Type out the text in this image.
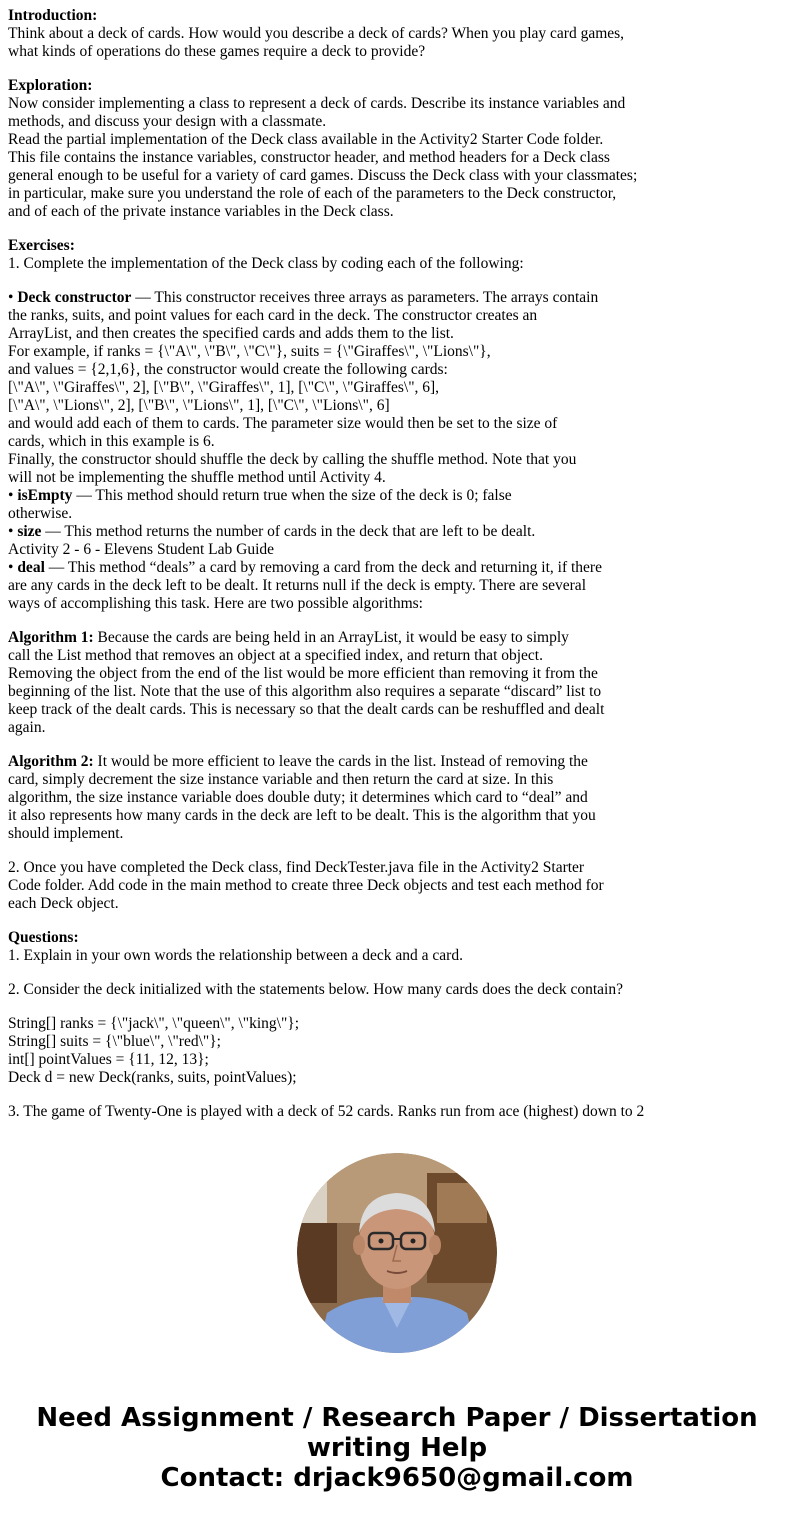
Introduction:
Think about a deck of cards. How would you describe a deck of cards? When you play card games,
what kinds of operations do these games require a deck to provide?
Exploration:
Now consider implementing a class to represent a deck of cards. Describe its instance variables and
methods, and discuss your design with a classmate.
Read the partial implementation of the Deck class available in the Activity2 Starter Code folder.
This file contains the instance variables, constructor header, and method headers for a Deck class
general enough to be useful for a variety of card games. Discuss the Deck class with your classmates;
in particular, make sure you understand the role of each of the parameters to the Deck constructor,
and of each of the private instance variables in the Deck class.
Exercises:
1. Complete the implementation of the Deck class by coding each of the following:
• Deck constructor — This constructor receives three arrays as parameters. The arrays contain
the ranks, suits, and point values for each card in the deck. The constructor creates an
ArrayList, and then creates the specified cards and adds them to the list.
For example, if ranks = {\"A\", \"B\", \"C\"}, suits = {\"Giraffes\", \"Lions\"},
and values = {2,1,6}, the constructor would create the following cards:
[\"A\", \"Giraffes\", 2], [\"B\", \"Giraffes\", 1], [\"C\", \"Giraffes\", 6],
[\"A\", \"Lions\", 2], [\"B\", \"Lions\", 1], [\"C\", \"Lions\", 6]
and would add each of them to cards. The parameter size would then be set to the size of
cards, which in this example is 6.
Finally, the constructor should shuffle the deck by calling the shuffle method. Note that you
will not be implementing the shuffle method until Activity 4.
• isEmpty — This method should return true when the size of the deck is 0; false
otherwise.
• size — This method returns the number of cards in the deck that are left to be dealt.
Activity 2 - 6 - Elevens Student Lab Guide
• deal — This method “deals” a card by removing a card from the deck and returning it, if there
are any cards in the deck left to be dealt. It returns null if the deck is empty. There are several
ways of accomplishing this task. Here are two possible algorithms:
Algorithm 1: Because the cards are being held in an ArrayList, it would be easy to simply
call the List method that removes an object at a specified index, and return that object.
Removing the object from the end of the list would be more efficient than removing it from the
beginning of the list. Note that the use of this algorithm also requires a separate “discard” list to
keep track of the dealt cards. This is necessary so that the dealt cards can be reshuffled and dealt
again.
Algorithm 2: It would be more efficient to leave the cards in the list. Instead of removing the
card, simply decrement the size instance variable and then return the card at size. In this
algorithm, the size instance variable does double duty; it determines which card to “deal” and
it also represents how many cards in the deck are left to be dealt. This is the algorithm that you
should implement.
2. Once you have completed the Deck class, find DeckTester.java file in the Activity2 Starter
Code folder. Add code in the main method to create three Deck objects and test each method for
each Deck object.
Questions:
1. Explain in your own words the relationship between a deck and a card.
2. Consider the deck initialized with the statements below. How many cards does the deck contain?
String[] ranks = {\"jack\", \"queen\", \"king\"};
String[] suits = {\"blue\", \"red\"};
int[] pointValues = {11, 12, 13};
Deck d = new Deck(ranks, suits, pointValues);
3. The game of Twenty-One is played with a deck of 52 cards. Ranks run from ace (highest) down to 2
Need Assignment / Research Paper / Dissertation
writing Help
Contact: drjack9650@gmail.com
